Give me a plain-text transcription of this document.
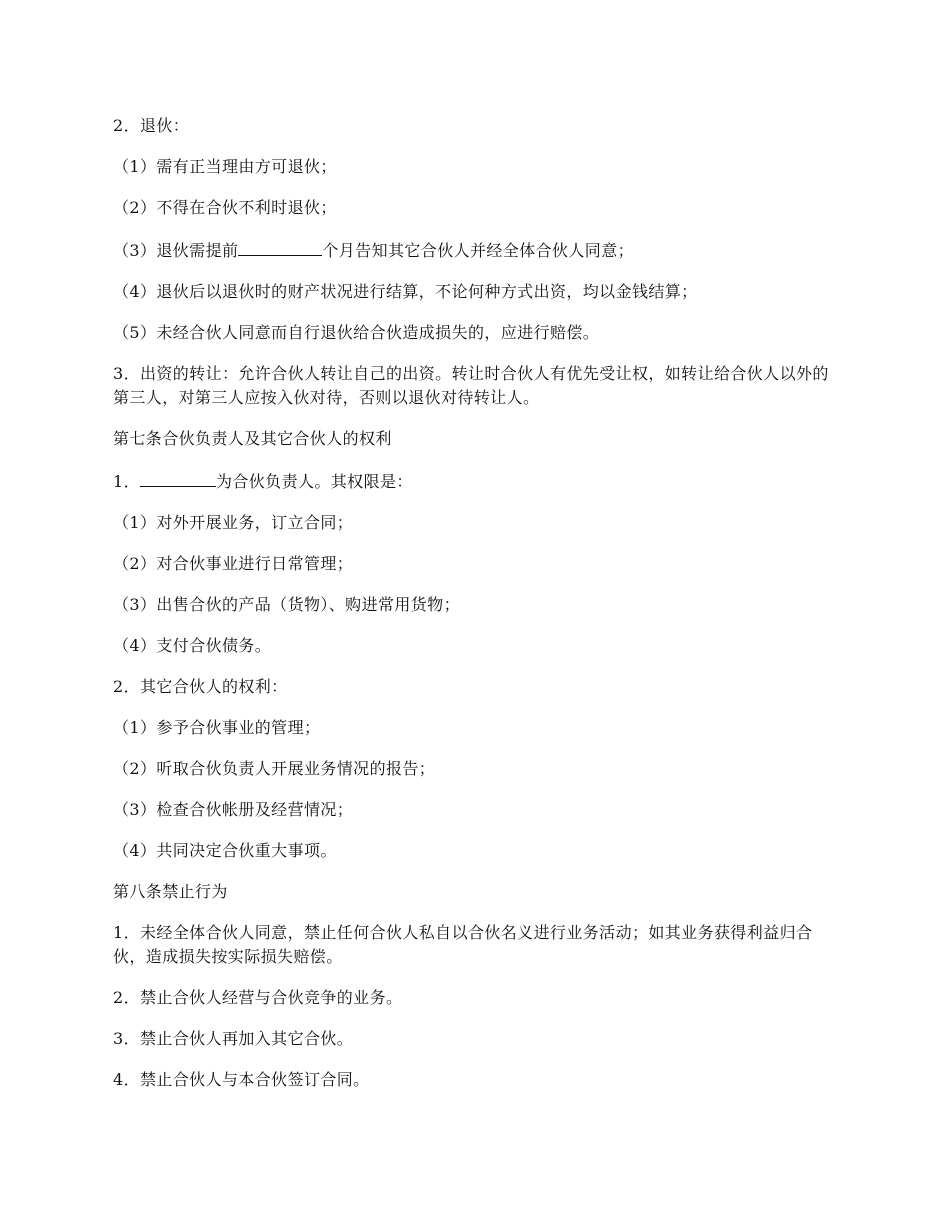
2．退伙：

（1）需有正当理由方可退伙；

（2）不得在合伙不利时退伙；

（3）退伙需提前	个月告知其它合伙人并经全体合伙人同意；

（4）退伙后以退伙时的财产状况进行结算，不论何种方式出资，均以金钱结算；

（5）未经合伙人同意而自行退伙给合伙造成损失的，应进行赔偿。

3．出资的转让：允许合伙人转让自己的出资。转让时合伙人有优先受让权，如转让给合伙人以外的第三人，对第三人应按入伙对待，否则以退伙对待转让人。

第七条合伙负责人及其它合伙人的权利

1．	为合伙负责人。其权限是：

（1）对外开展业务，订立合同；

（2）对合伙事业进行日常管理；

（3）出售合伙的产品（货物）、购进常用货物；

（4）支付合伙债务。

2．其它合伙人的权利：

（1）参予合伙事业的管理；

（2）听取合伙负责人开展业务情况的报告；

（3）检查合伙帐册及经营情况；

（4）共同决定合伙重大事项。

第八条禁止行为

1．未经全体合伙人同意，禁止任何合伙人私自以合伙名义进行业务活动；如其业务获得利益归合伙，造成损失按实际损失赔偿。

2．禁止合伙人经营与合伙竞争的业务。

3．禁止合伙人再加入其它合伙。

4．禁止合伙人与本合伙签订合同。
